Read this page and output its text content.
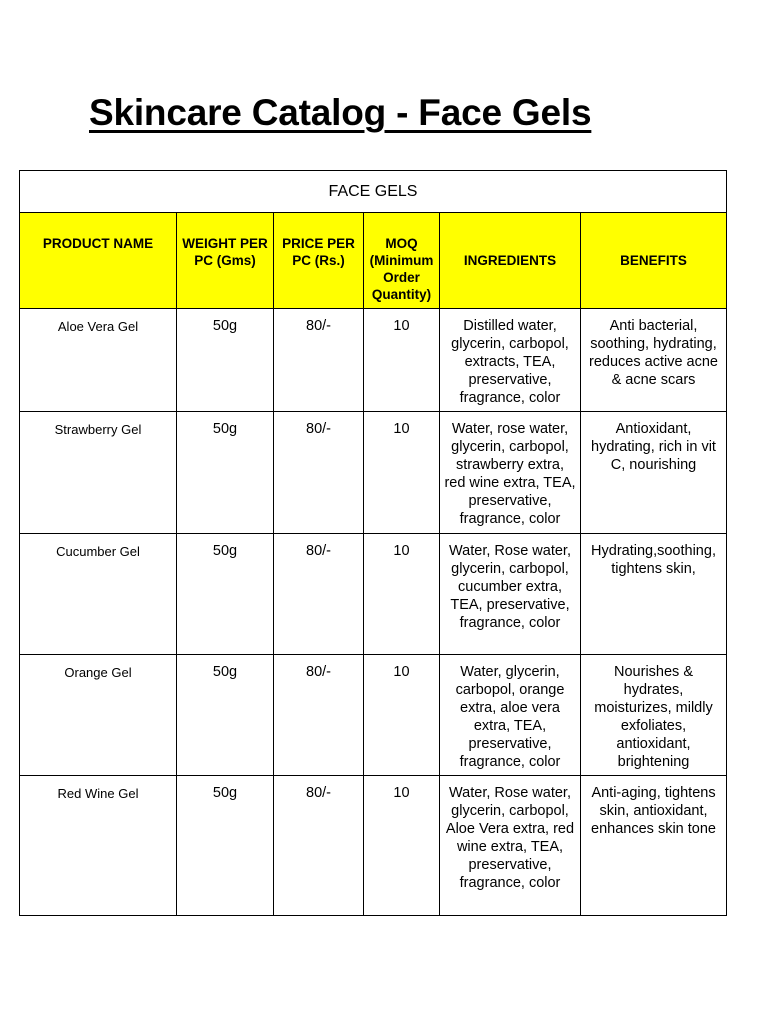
Skincare Catalog - Face Gels
FACE GELS					

PRODUCT NAME	WEIGHT PER PC (Gms)	PRICE PER PC (Rs.)	MOQ (Minimum Order Quantity)	INGREDIENTS	BENEFITS

Aloe Vera Gel	50g	80/-	10	Distilled water, glycerin, carbopol, extracts, TEA, preservative, fragrance, color	Anti bacterial, soothing, hydrating, reduces active acne & acne scars

Strawberry Gel	50g	80/-	10	Water, rose water, glycerin, carbopol, strawberry extra, red wine extra, TEA, preservative, fragrance, color	Antioxidant, hydrating, rich in vit C, nourishing

Cucumber Gel	50g	80/-	10	Water, Rose water, glycerin, carbopol, cucumber extra, TEA, preservative, fragrance, color	Hydrating,soothing, tightens skin,

Orange Gel	50g	80/-	10	Water, glycerin, carbopol, orange extra, aloe vera extra, TEA, preservative, fragrance, color	Nourishes & hydrates, moisturizes, mildly exfoliates, antioxidant, brightening

Red Wine Gel	50g	80/-	10	Water, Rose water, glycerin, carbopol, Aloe Vera extra, red wine extra, TEA, preservative, fragrance, color	Anti-aging, tightens skin, antioxidant, enhances skin tone
